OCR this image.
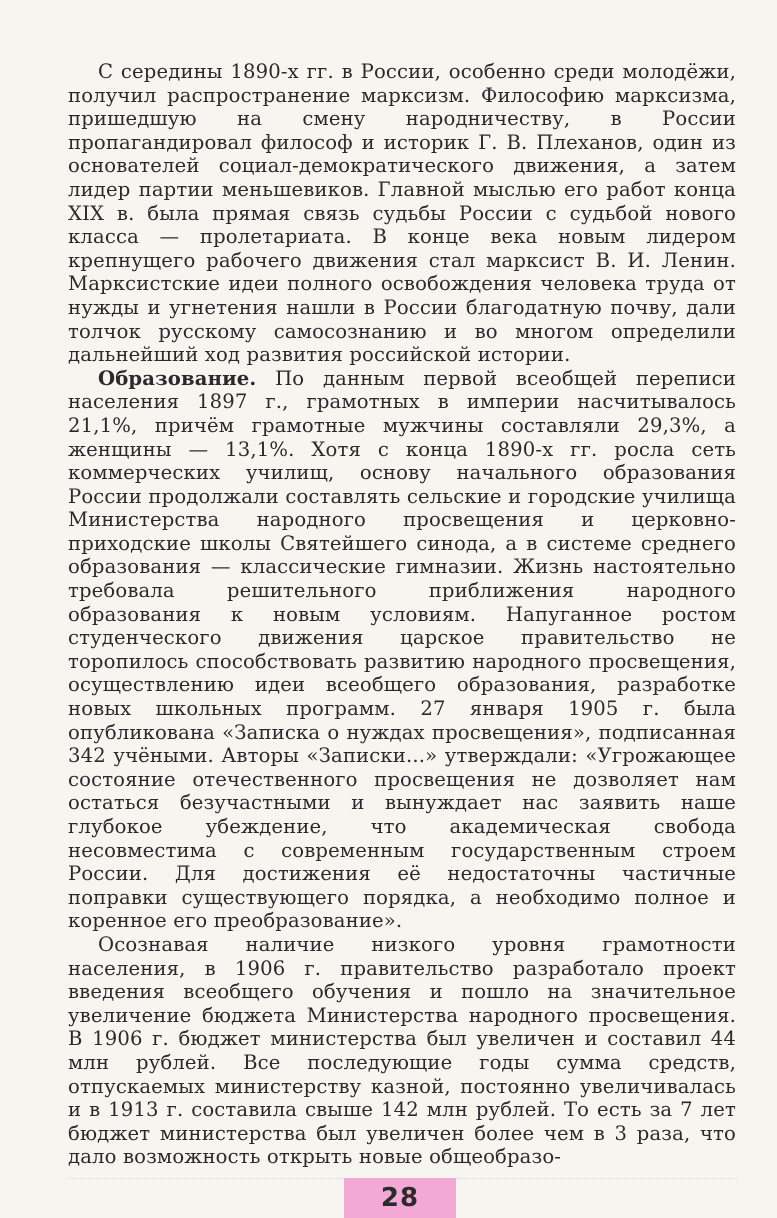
С середины 1890-х гг. в России, особенно среди молодёжи, получил распространение марксизм. Философию марксизма, пришедшую на смену народничеству, в России пропагандировал философ и историк Г. В. Плеханов, один из основателей социал-демократического движения, а затем лидер партии меньшевиков. Главной мыслью его работ конца XIX в. была прямая связь судьбы России с судьбой нового класса — пролетариата. В конце века новым лидером крепнущего рабочего движения стал марксист В. И. Ленин. Марксистские идеи полного освобождения человека труда от нужды и угнетения нашли в России благодатную почву, дали толчок русскому самосознанию и во многом определили дальнейший ход развития российской истории.

Образование. По данным первой всеобщей переписи населения 1897 г., грамотных в империи насчитывалось 21,1%, причём грамотные мужчины составляли 29,3%, а женщины — 13,1%. Хотя с конца 1890-х гг. росла сеть коммерческих училищ, основу начального образования России продолжали составлять сельские и городские училища Министерства народного просвещения и церковно-приходские школы Святейшего синода, а в системе среднего образования — классические гимназии. Жизнь настоятельно требовала решительного приближения народного образования к новым условиям. Напуганное ростом студенческого движения царское правительство не торопилось способствовать развитию народного просвещения, осуществлению идеи всеобщего образования, разработке новых школьных программ. 27 января 1905 г. была опубликована «Записка о нуждах просвещения», подписанная 342 учёными. Авторы «Записки...» утверждали: «Угрожающее состояние отечественного просвещения не дозволяет нам остаться безучастными и вынуждает нас заявить наше глубокое убеждение, что академическая свобода несовместима с современным государственным строем России. Для достижения её недостаточны частичные поправки существующего порядка, а необходимо полное и коренное его преобразование».

Осознавая наличие низкого уровня грамотности населения, в 1906 г. правительство разработало проект введения всеобщего обучения и пошло на значительное увеличение бюджета Министерства народного просвещения. В 1906 г. бюджет министерства был увеличен и составил 44 млн рублей. Все последующие годы сумма средств, отпускаемых министерству казной, постоянно увеличивалась и в 1913 г. составила свыше 142 млн рублей. То есть за 7 лет бюджет министерства был увеличен более чем в 3 раза, что дало возможность открыть новые общеобразо-

28
